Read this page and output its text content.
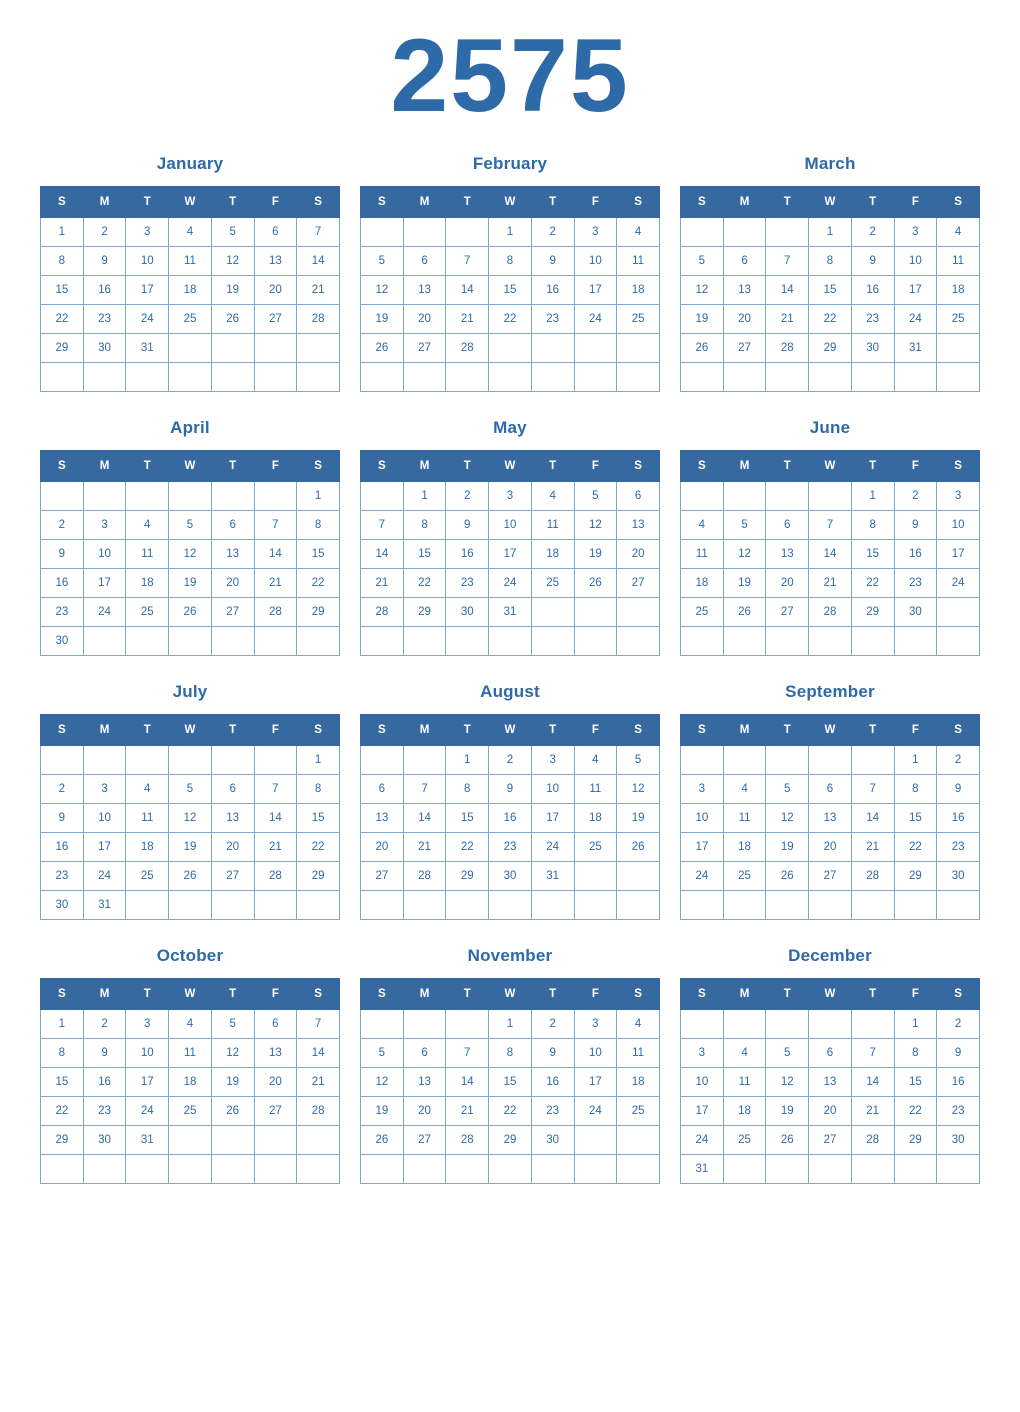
2575
January
S	M	T	W	T	F	S
1	2	3	4	5	6	7
8	9	10	11	12	13	14
15	16	17	18	19	20	21
22	23	24	25	26	27	28
29	30	31				

February
S	M	T	W	T	F	S
			1	2	3	4
5	6	7	8	9	10	11
12	13	14	15	16	17	18
19	20	21	22	23	24	25
26	27	28				

March
S	M	T	W	T	F	S
			1	2	3	4
5	6	7	8	9	10	11
12	13	14	15	16	17	18
19	20	21	22	23	24	25
26	27	28	29	30	31	

April
S	M	T	W	T	F	S
						1
2	3	4	5	6	7	8
9	10	11	12	13	14	15
16	17	18	19	20	21	22
23	24	25	26	27	28	29
30						
May
S	M	T	W	T	F	S
	1	2	3	4	5	6
7	8	9	10	11	12	13
14	15	16	17	18	19	20
21	22	23	24	25	26	27
28	29	30	31			

June
S	M	T	W	T	F	S
				1	2	3
4	5	6	7	8	9	10
11	12	13	14	15	16	17
18	19	20	21	22	23	24
25	26	27	28	29	30	

July
S	M	T	W	T	F	S
						1
2	3	4	5	6	7	8
9	10	11	12	13	14	15
16	17	18	19	20	21	22
23	24	25	26	27	28	29
30	31					
August
S	M	T	W	T	F	S
		1	2	3	4	5
6	7	8	9	10	11	12
13	14	15	16	17	18	19
20	21	22	23	24	25	26
27	28	29	30	31		

September
S	M	T	W	T	F	S
					1	2
3	4	5	6	7	8	9
10	11	12	13	14	15	16
17	18	19	20	21	22	23
24	25	26	27	28	29	30

October
S	M	T	W	T	F	S
1	2	3	4	5	6	7
8	9	10	11	12	13	14
15	16	17	18	19	20	21
22	23	24	25	26	27	28
29	30	31				

November
S	M	T	W	T	F	S
			1	2	3	4
5	6	7	8	9	10	11
12	13	14	15	16	17	18
19	20	21	22	23	24	25
26	27	28	29	30		

December
S	M	T	W	T	F	S
					1	2
3	4	5	6	7	8	9
10	11	12	13	14	15	16
17	18	19	20	21	22	23
24	25	26	27	28	29	30
31						
